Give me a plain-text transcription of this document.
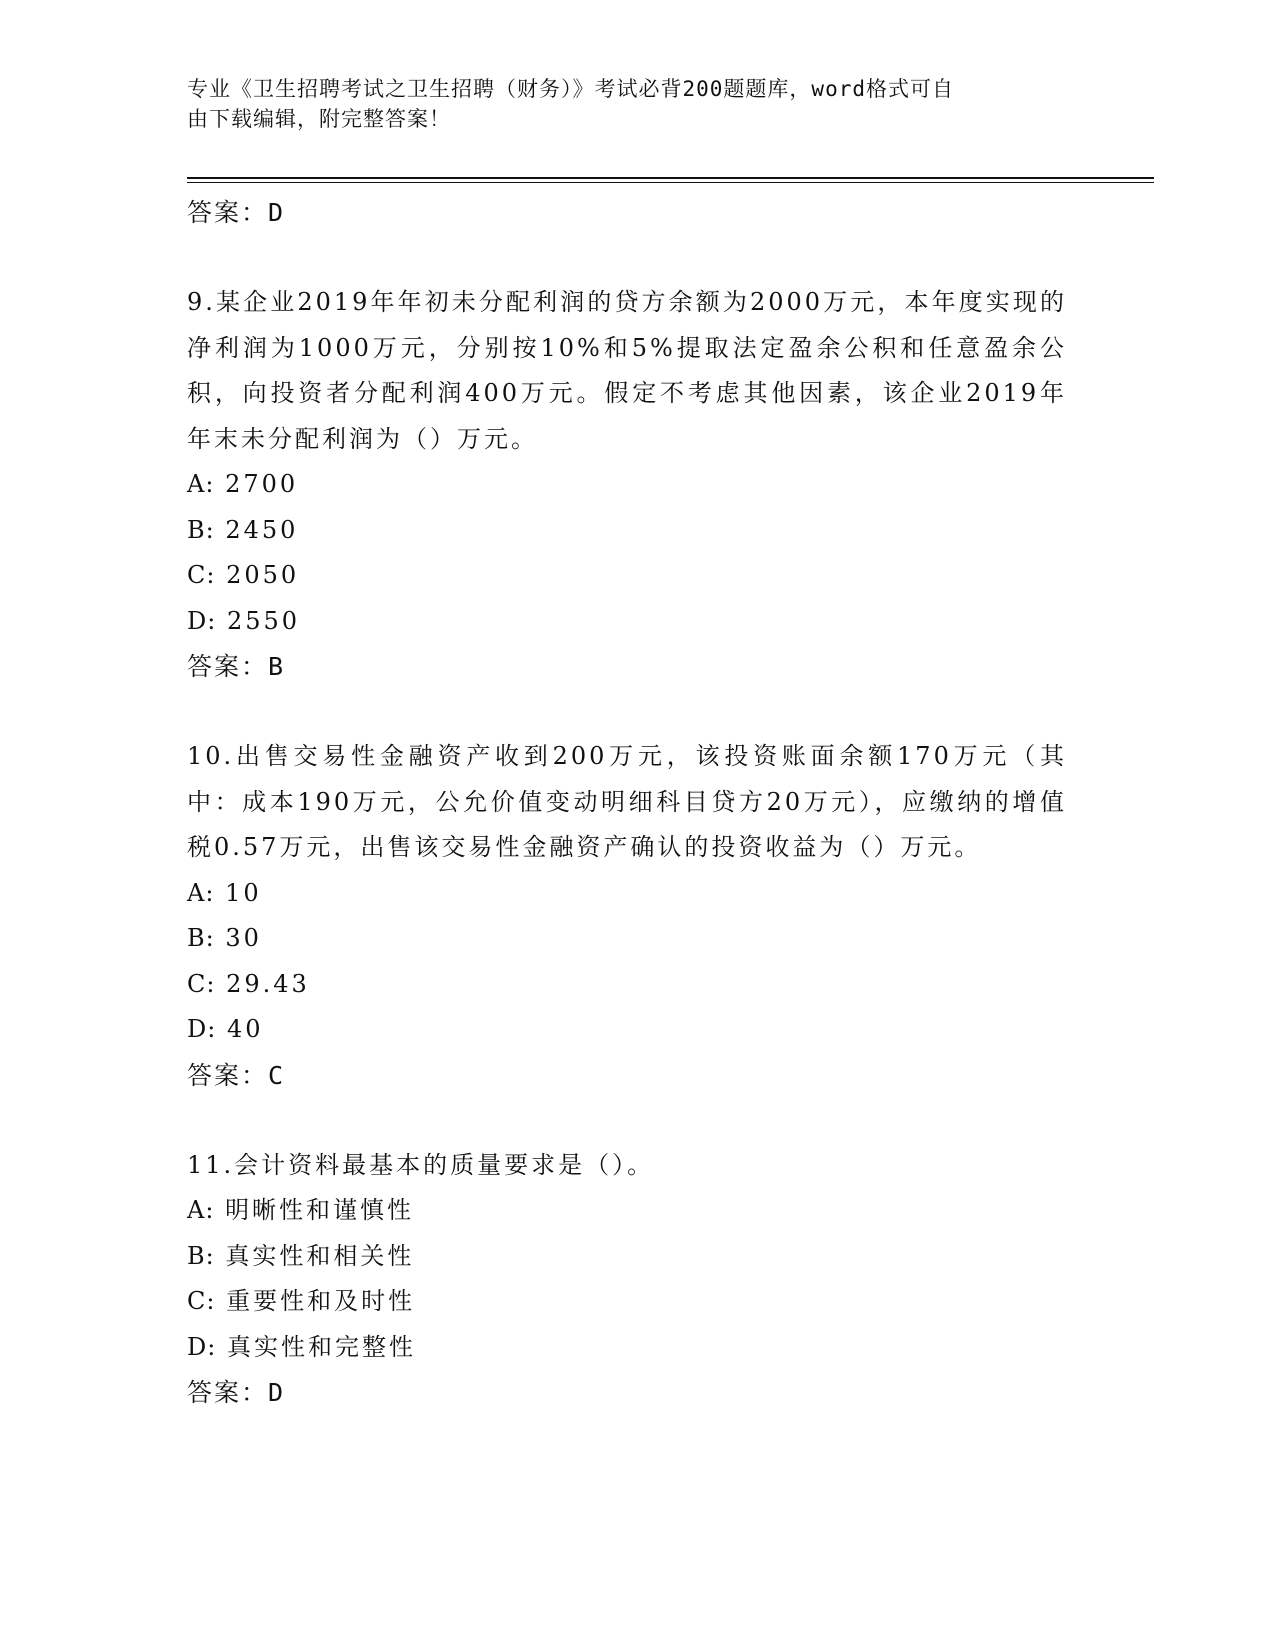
专业《卫生招聘考试之卫生招聘（财务）》考试必背200题题库，word格式可自
由下载编辑，附完整答案！
答案：D
9.某企业2019年年初未分配利润的贷方余额为2000万元，本年度实现的净利润为1000万元，分别按10%和5%提取法定盈余公积和任意盈余公积，向投资者分配利润400万元。假定不考虑其他因素，该企业2019年年末未分配利润为（）万元。
A: 2700
B: 2450
C: 2050
D: 2550
答案：B
10.出售交易性金融资产收到200万元，该投资账面余额170万元（其中：成本190万元，公允价值变动明细科目贷方20万元），应缴纳的增值税0.57万元，出售该交易性金融资产确认的投资收益为（）万元。
A: 10
B: 30
C: 29.43
D: 40
答案：C
11.会计资料最基本的质量要求是（）。
A: 明晰性和谨慎性
B: 真实性和相关性
C: 重要性和及时性
D: 真实性和完整性
答案：D
